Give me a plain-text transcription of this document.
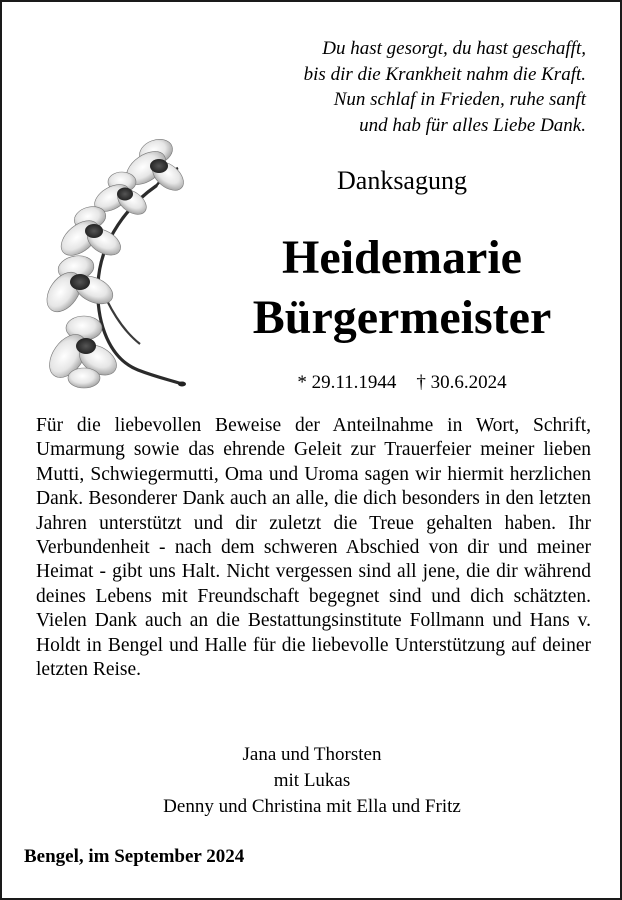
Du hast gesorgt, du hast geschafft,
bis dir die Krankheit nahm die Kraft.
Nun schlaf in Frieden, ruhe sanft
und hab für alles Liebe Dank.
Danksagung
Heidemarie
Bürgermeister
* 29.11.1944 † 30.6.2024
Für die liebevollen Beweise der Anteilnahme in Wort, Schrift, Umarmung sowie das ehrende Geleit zur Trauerfeier meiner lieben Mutti, Schwiegermutti, Oma und Uroma sagen wir hiermit herzlichen Dank. Besonderer Dank auch an alle, die dich besonders in den letzten Jahren unterstützt und dir zuletzt die Treue gehalten haben. Ihr Verbundenheit - nach dem schweren Abschied von dir und meiner Heimat - gibt uns Halt. Nicht vergessen sind all jene, die dir während deines Lebens mit Freundschaft begegnet sind und dich schätzten. Vielen Dank auch an die Bestattungsinstitute Follmann und Hans v. Holdt in Bengel und Halle für die liebevolle Unterstützung auf deiner letzten Reise.
Jana und Thorsten
mit Lukas
Denny und Christina mit Ella und Fritz
Bengel, im September 2024
